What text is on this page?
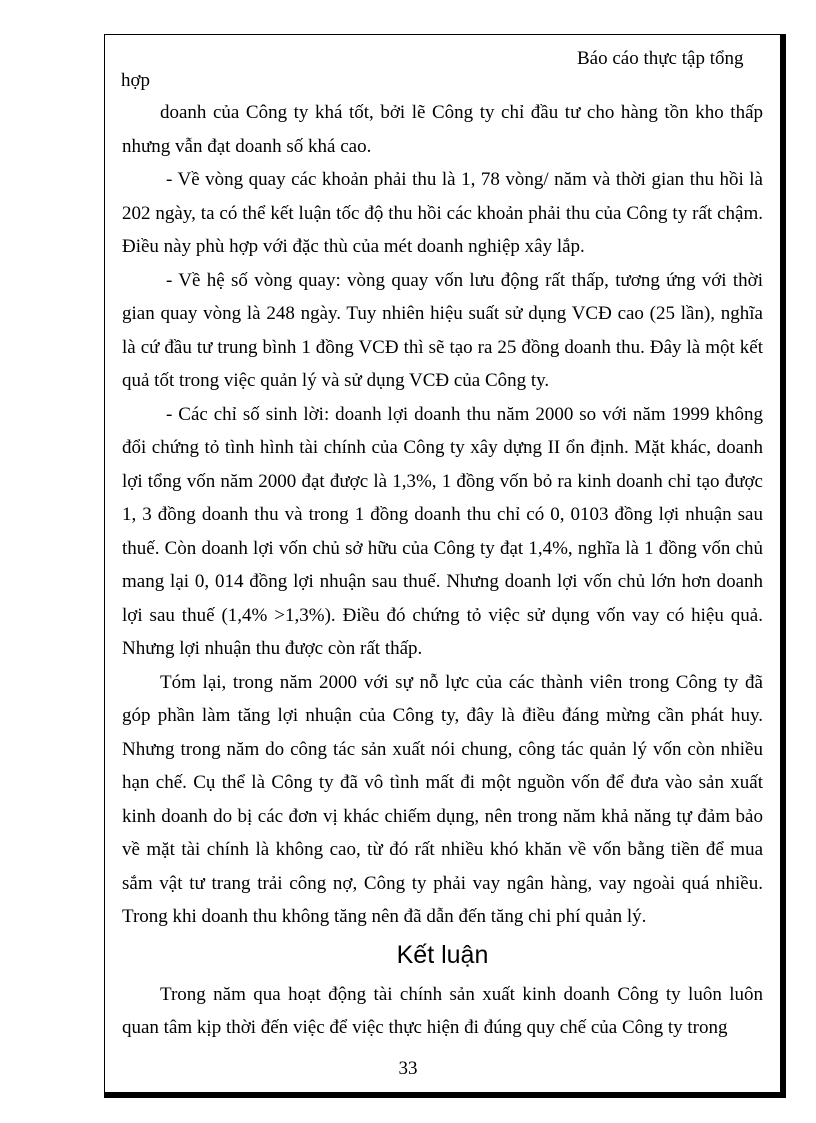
Báo cáo thực tập tổng
hợp

doanh của Công ty khá tốt, bởi lẽ Công ty chỉ đầu tư cho hàng tồn kho thấp nhưng vẫn đạt doanh số khá cao.

- Về vòng quay các khoản phải thu là 1, 78 vòng/ năm và thời gian thu hồi là 202 ngày, ta có thể kết luận tốc độ thu hồi các khoản phải thu của Công ty rất chậm. Điều này phù hợp với đặc thù của mét doanh nghiệp xây lắp.

- Về hệ số vòng quay: vòng quay vốn lưu động rất thấp, tương ứng với thời gian quay vòng là 248 ngày. Tuy nhiên hiệu suất sử dụng VCĐ cao (25 lần), nghĩa là cứ đầu tư trung bình 1 đồng VCĐ thì sẽ tạo ra 25 đồng doanh thu. Đây là một kết quả tốt trong việc quản lý và sử dụng VCĐ của Công ty.

- Các chỉ số sinh lời: doanh lợi doanh thu năm 2000 so với năm 1999 không đổi chứng tỏ tình hình tài chính của Công ty xây dựng II ổn định. Mặt khác, doanh lợi tổng vốn năm 2000 đạt được là 1,3%, 1 đồng vốn bỏ ra kinh doanh chỉ tạo được 1, 3 đồng doanh thu và trong 1 đồng doanh thu chỉ có 0, 0103 đồng lợi nhuận sau thuế. Còn doanh lợi vốn chủ sở hữu của Công ty đạt 1,4%, nghĩa là 1 đồng vốn chủ mang lại 0, 014 đồng lợi nhuận sau thuế. Nhưng doanh lợi vốn chủ lớn hơn doanh lợi sau thuế (1,4% >1,3%). Điều đó chứng tỏ việc sử dụng vốn vay có hiệu quả. Nhưng lợi nhuận thu được còn rất thấp.

Tóm lại, trong năm 2000 với sự nỗ lực của các thành viên trong Công ty đã góp phần làm tăng lợi nhuận của Công ty, đây là điều đáng mừng cần phát huy. Nhưng trong năm do công tác sản xuất nói chung, công tác quản lý vốn còn nhiều hạn chế. Cụ thể là Công ty đã vô tình mất đi một nguồn vốn để đưa vào sản xuất kinh doanh do bị các đơn vị khác chiếm dụng, nên trong năm khả năng tự đảm bảo về mặt tài chính là không cao, từ đó rất nhiều khó khăn về vốn bằng tiền để mua sắm vật tư trang trải công nợ, Công ty phải vay ngân hàng, vay ngoài quá nhiều. Trong khi doanh thu không tăng nên đã dẫn đến tăng chi phí quản lý.

Kết luận

Trong năm qua hoạt động tài chính sản xuất kinh doanh Công ty luôn luôn quan tâm kịp thời đến việc để việc thực hiện đi đúng quy chế của Công ty trong

33
